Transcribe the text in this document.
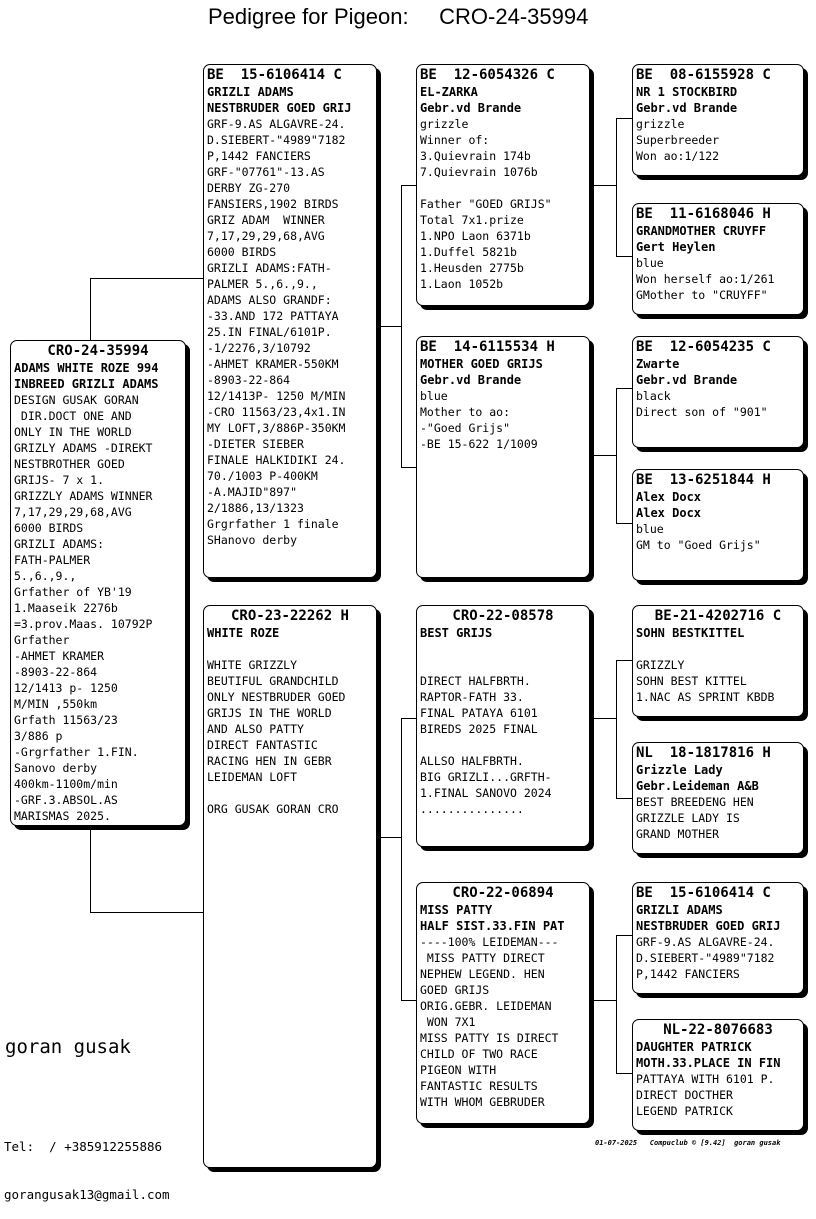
Pedigree for Pigeon:     CRO-24-35994
CRO-24-35994
ADAMS WHITE ROZE 994
INBREED GRIZLI ADAMS
DESIGN GUSAK GORAN
DIR.DOCT ONE AND
ONLY IN THE WORLD
GRIZLY ADAMS -DIREKT
NESTBROTHER GOED
GRIJS- 7 x 1.
GRIZZLY ADAMS WINNER
7,17,29,29,68,AVG
6000 BIRDS
GRIZLI ADAMS:
FATH-PALMER
5.,6.,9.,
Grfather of YB'19
1.Maaseik 2276b
=3.prov.Maas. 10792P
Grfather
-AHMET KRAMER
-8903-22-864
12/1413 p- 1250
M/MIN ,550km
Grfath 11563/23
3/886 p
-Grgrfather 1.FIN.
Sanovo derby
400km-1100m/min
-GRF.3.ABSOL.AS
MARISMAS 2025.
BE  15-6106414 C
GRIZLI ADAMS
NESTBRUDER GOED GRIJ
GRF-9.AS ALGAVRE-24.
D.SIEBERT-"4989"7182
P,1442 FANCIERS
GRF-"07761"-13.AS
DERBY ZG-270
FANSIERS,1902 BIRDS
GRIZ ADAM  WINNER
7,17,29,29,68,AVG
6000 BIRDS
GRIZLI ADAMS:FATH-
PALMER 5.,6.,9.,
ADAMS ALSO GRANDF:
-33.AND 172 PATTAYA
25.IN FINAL/6101P.
-1/2276,3/10792
-AHMET KRAMER-550KM
-8903-22-864
12/1413P- 1250 M/MIN
-CRO 11563/23,4x1.IN
MY LOFT,3/886P-350KM
-DIETER SIEBER
FINALE HALKIDIKI 24.
70./1003 P-400KM
-A.MAJID"897"
2/1886,13/1323
Grgrfather 1 finale
SHanovo derby
CRO-23-22262 H
WHITE ROZE
WHITE GRIZZLY
BEUTIFUL GRANDCHILD
ONLY NESTBRUDER GOED
GRIJS IN THE WORLD
AND ALSO PATTY
DIRECT FANTASTIC
RACING HEN IN GEBR
LEIDEMAN LOFT
ORG GUSAK GORAN CRO
BE  12-6054326 C
EL-ZARKA
Gebr.vd Brande
grizzle
Winner of:
3.Quievrain 174b
7.Quievrain 1076b
Father "GOED GRIJS"
Total 7x1.prize
1.NPO Laon 6371b
1.Duffel 5821b
1.Heusden 2775b
1.Laon 1052b
BE  14-6115534 H
MOTHER GOED GRIJS
Gebr.vd Brande
blue
Mother to ao:
-"Goed Grijs"
-BE 15-622 1/1009
CRO-22-08578
BEST GRIJS
DIRECT HALFBRTH.
RAPTOR-FATH 33.
FINAL PATAYA 6101
BIREDS 2025 FINAL
ALLSO HALFBRTH.
BIG GRIZLI...GRFTH-
1.FINAL SANOVO 2024
...............
CRO-22-06894
MISS PATTY
HALF SIST.33.FIN PAT
----100% LEIDEMAN---
MISS PATTY DIRECT
NEPHEW LEGEND. HEN
GOED GRIJS
ORIG.GEBR. LEIDEMAN
WON 7X1
MISS PATTY IS DIRECT
CHILD OF TWO RACE
PIGEON WITH
FANTASTIC RESULTS
WITH WHOM GEBRUDER
BE  08-6155928 C
NR 1 STOCKBIRD
Gebr.vd Brande
grizzle
Superbreeder
Won ao:1/122
BE  11-6168046 H
GRANDMOTHER CRUYFF
Gert Heylen
blue
Won herself ao:1/261
GMother to "CRUYFF"
BE  12-6054235 C
Zwarte
Gebr.vd Brande
black
Direct son of "901"
BE  13-6251844 H
Alex Docx
Alex Docx
blue
GM to "Goed Grijs"
BE-21-4202716 C
SOHN BESTKITTEL
GRIZZLY
SOHN BEST KITTEL
1.NAC AS SPRINT KBDB
NL  18-1817816 H
Grizzle Lady
Gebr.Leideman A&B
BEST BREEDENG HEN
GRIZZLE LADY IS
GRAND MOTHER
BE  15-6106414 C
GRIZLI ADAMS
NESTBRUDER GOED GRIJ
GRF-9.AS ALGAVRE-24.
D.SIEBERT-"4989"7182
P,1442 FANCIERS
NL-22-8076683
DAUGHTER PATRICK
MOTH.33.PLACE IN FIN
PATTAYA WITH 6101 P.
DIRECT DOCTHER
LEGEND PATRICK
goran gusak

Tel:  / +385912255886

gorangusak13@gmail.com

01-07-2025   Compuclub © [9.42]  goran gusak
